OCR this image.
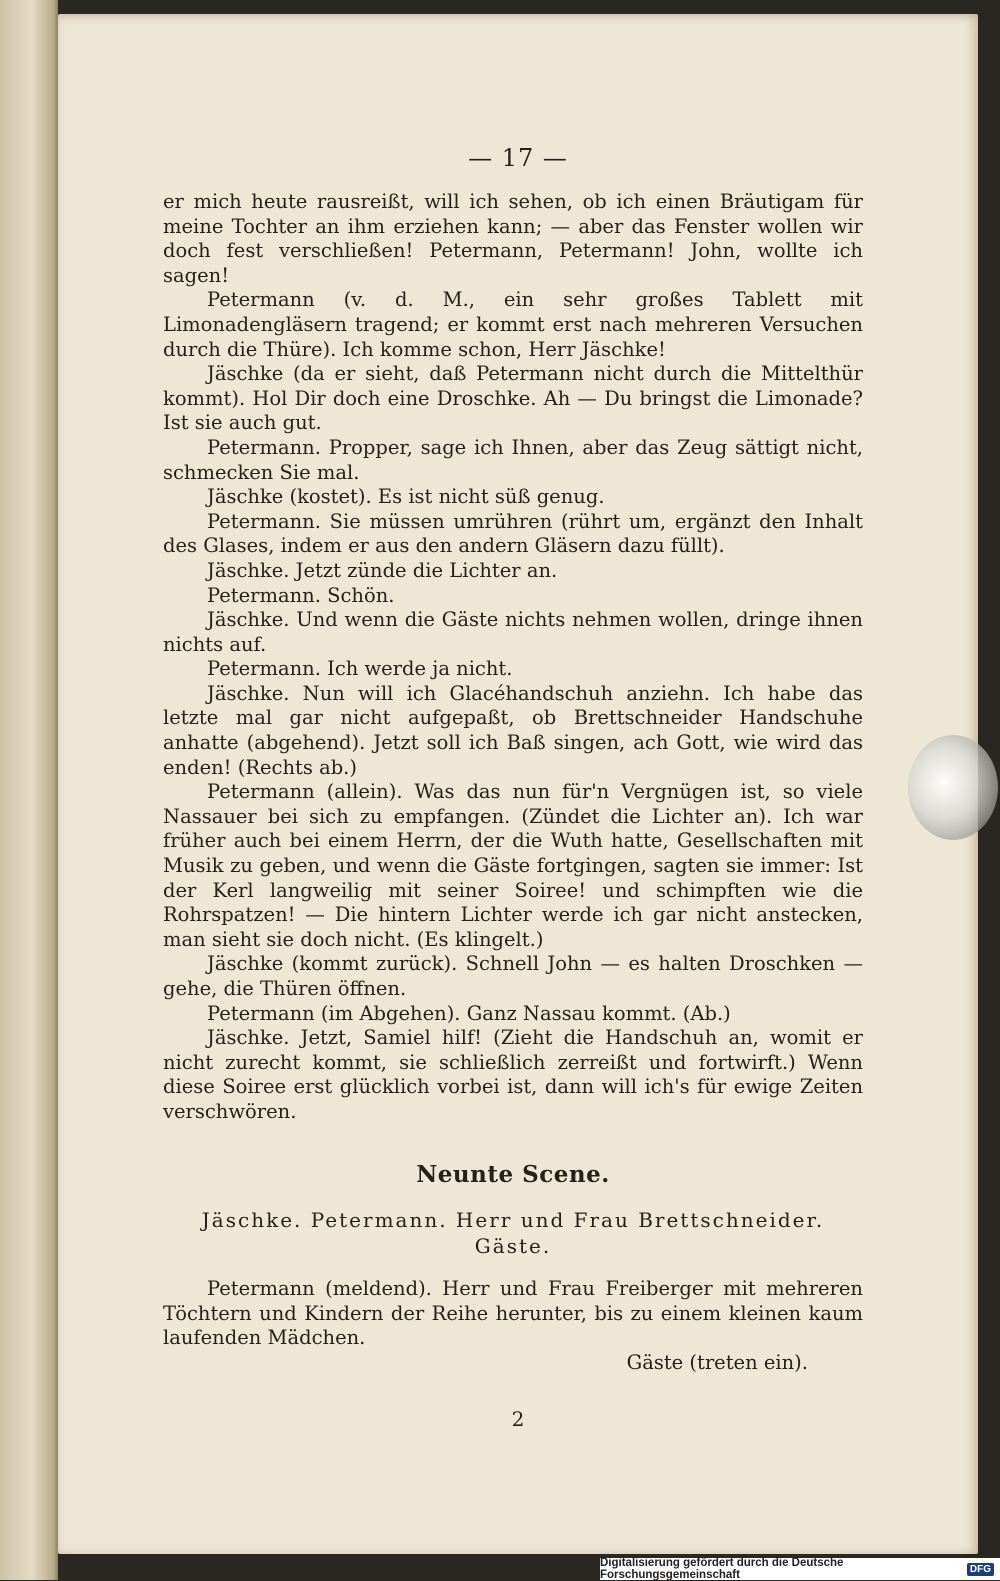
— 17 —

er mich heute rausreißt, will ich sehen, ob ich einen Bräutigam für meine Tochter an ihm erziehen kann; — aber das Fenster wollen wir doch fest verschließen! Petermann, Petermann! John, wollte ich sagen!

Petermann (v. d. M., ein sehr großes Tablett mit Limonadengläsern tragend; er kommt erst nach mehreren Versuchen durch die Thüre). Ich komme schon, Herr Jäschke!

Jäschke (da er sieht, daß Petermann nicht durch die Mittelthür kommt). Hol Dir doch eine Droschke. Ah — Du bringst die Limonade? Ist sie auch gut.

Petermann. Propper, sage ich Ihnen, aber das Zeug sättigt nicht, schmecken Sie mal.

Jäschke (kostet). Es ist nicht süß genug.

Petermann. Sie müssen umrühren (rührt um, ergänzt den Inhalt des Glases, indem er aus den andern Gläsern dazu füllt).

Jäschke. Jetzt zünde die Lichter an.

Petermann. Schön.

Jäschke. Und wenn die Gäste nichts nehmen wollen, dringe ihnen nichts auf.

Petermann. Ich werde ja nicht.

Jäschke. Nun will ich Glacéhandschuh anziehn. Ich habe das letzte mal gar nicht aufgepaßt, ob Brettschneider Handschuhe anhatte (abgehend). Jetzt soll ich Baß singen, ach Gott, wie wird das enden! (Rechts ab.)

Petermann (allein). Was das nun für'n Vergnügen ist, so viele Nassauer bei sich zu empfangen. (Zündet die Lichter an). Ich war früher auch bei einem Herrn, der die Wuth hatte, Gesellschaften mit Musik zu geben, und wenn die Gäste fortgingen, sagten sie immer: Ist der Kerl langweilig mit seiner Soiree! und schimpften wie die Rohrspatzen! — Die hintern Lichter werde ich gar nicht anstecken, man sieht sie doch nicht. (Es klingelt.)

Jäschke (kommt zurück). Schnell John — es halten Droschken — gehe, die Thüren öffnen.

Petermann (im Abgehen). Ganz Nassau kommt. (Ab.)

Jäschke. Jetzt, Samiel hilf! (Zieht die Handschuh an, womit er nicht zurecht kommt, sie schließlich zerreißt und fortwirft.) Wenn diese Soiree erst glücklich vorbei ist, dann will ich's für ewige Zeiten verschwören.

Neunte Scene.
Jäschke. Petermann. Herr und Frau Brettschneider.
Gäste.

Petermann (meldend). Herr und Frau Freiberger mit mehreren Töchtern und Kindern der Reihe herunter, bis zu einem kleinen kaum laufenden Mädchen.

Gäste (treten ein).

2
Digitalisierung gefördert durch die Deutsche Forschungsgemeinschaft	DFG
